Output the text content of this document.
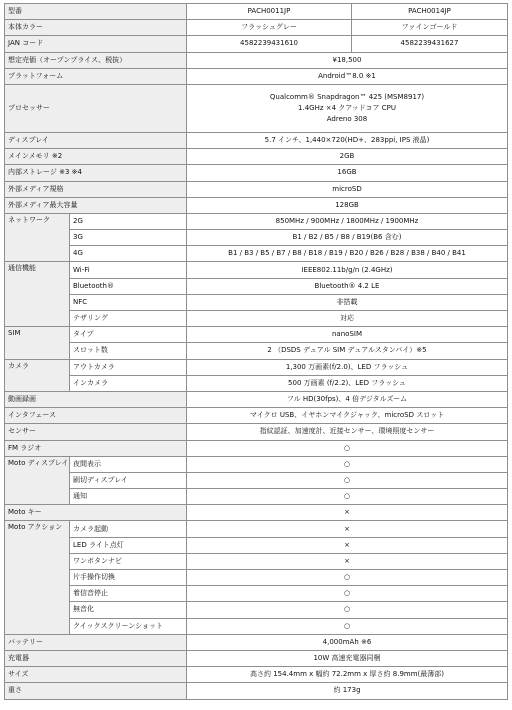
型番		PACH0011JP	PACH0014JP
本体カラー		フラッシュグレー	ファインゴールド
JAN コード		4582239431610	4582239431627
想定売価（オープンプライス、税抜）		¥18,500	
プラットフォーム		Android™8.0 ※1	
プロセッサー		Qualcomm® Snapdragon™ 425 (MSM8917)
1.4GHz ×4 クアッドコア CPU
Adreno 308	

ディスプレイ		5.7 インチ、1,440×720(HD+、283ppi, IPS 液晶)	
メインメモリ ※2		2GB	
内部ストレージ ※3 ※4		16GB	
外部メディア規格		microSD	
外部メディア最大容量		128GB	
ネットワーク	2G	850MHz / 900MHz / 1800MHz / 1900MHz	
	3G	B1 / B2 / B5 / B8 / B19(B6 含む)	
	4G	B1 / B3 / B5 / B7 / B8 / B18 / B19 / B20 / B26 / B28 / B38 / B40 / B41	
通信機能	Wi-Fi	IEEE802.11b/g/n (2.4GHz)	
	Bluetooth®	Bluetooth® 4.2 LE	
	NFC	非搭載	
	テザリング	対応	
SIM	タイプ	nanoSIM	
	スロット数	2 （DSDS デュアル SIM デュアルスタンバイ）※5	
カメラ	アウトカメラ	1,300 万画素(f/2.0)、LED フラッシュ	
	インカメラ	500 万画素 (f/2.2)、LED フラッシュ	
動画録画		フル HD(30fps)、4 倍デジタルズーム	
インタフェース		マイクロ USB、イヤホンマイクジャック、microSD スロット	
センサー		指紋認証、加速度計、近接センサー、環境照度センサー	
FM ラジオ		○	
Moto ディスプレイ	夜間表示	○	
	刷切ディスプレイ	○	
	通知	○	
Moto キー		×	
Moto アクション	カメラ起動	×	
	LED ライト点灯	×	
	ワンボタンナビ	×	
	片手操作切換	○	
	着信音停止	○	
	無音化	○	
	クイックスクリーンショット	○	
バッテリー		4,000mAh ※6	
充電器		10W 高速充電器同梱	
サイズ		高さ約 154.4mm x 幅約 72.2mm x 厚さ約 8.9mm(最薄部)	
重さ		約 173g	
